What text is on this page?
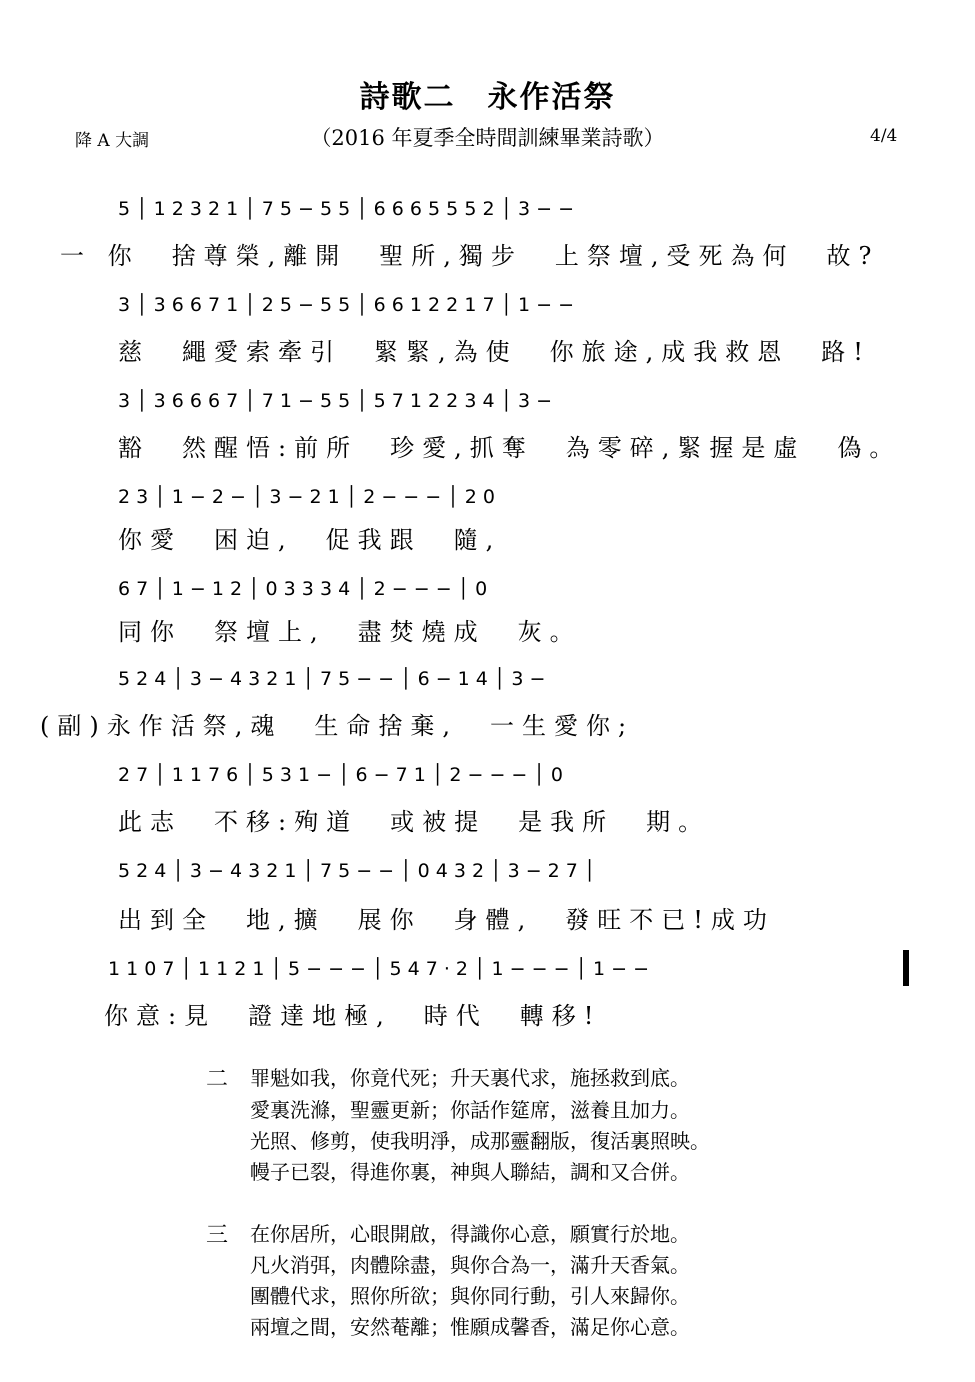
詩歌二　永作活祭
降 A 大調	（2016 年夏季全時間訓練畢業詩歌）	4/4
5 │ 1 2 3 2 1 │ 7 5 − 5 5 │ 6 6 6 5 5 5 2 │ 3 − −
一 你　捨尊榮,離開　聖所,獨步　上祭壇,受死為何　故?
3 │ 3 6 6 7 1 │ 2 5 − 5 5 │ 6 6 1 2 2 1 7 │ 1 − −
慈　繩愛索牽引　緊緊,為使　你旅途,成我救恩　路!
3 │ 3 6 6 6 7 │ 7 1 − 5 5 │ 5 7 1 2 2 3 4 │ 3 −
豁　然醒悟:前所　珍愛,抓奪　為零碎,緊握是虛　偽。
2 3 │ 1 − 2 − │ 3 − 2 1 │ 2 − − − │ 2 0
你愛　困迫,　促我跟　隨,
6 7 │ 1 − 1 2 │ 0 3 3 3 4 │ 2 − − − │ 0
同你　祭壇上,　盡焚燒成　灰。
5 2 4 │ 3 − 4 3 2 1 │ 7 5 − − │ 6 − 1 4 │ 3 −
(副)永作活祭,魂　生命捨棄,　一生愛你;
2 7 │ 1 1 7 6 │ 5 3 1 − │ 6 − 7 1 │ 2 − − − │ 0
此志　不移:殉道　或被提　是我所　期。
5 2 4 │ 3 − 4 3 2 1 │ 7 5 − − │ 0 4 3 2 │ 3 − 2 7 │
出到全　地,擴　展你　身體,　發旺不已!成功
1 1 0 7 │ 1 1 2 1 │ 5 − − − │ 5 4 7 · 2 │ 1 − − − │ 1 − −
你意:見　證達地極,　時代　轉移!
二 罪魁如我，你竟代死；升天裏代求，施拯救到底。
愛裏洗滌，聖靈更新；你話作筵席，滋養且加力。
光照、修剪，使我明淨，成那靈翻版，復活裏照映。
幔子已裂，得進你裏，神與人聯結，調和又合併。
三 在你居所，心眼開啟，得識你心意，願實行於地。
凡火消弭，肉體除盡，與你合為一，滿升天香氣。
團體代求，照你所欲；與你同行動，引人來歸你。
兩壇之間，安然菴離；惟願成馨香，滿足你心意。
